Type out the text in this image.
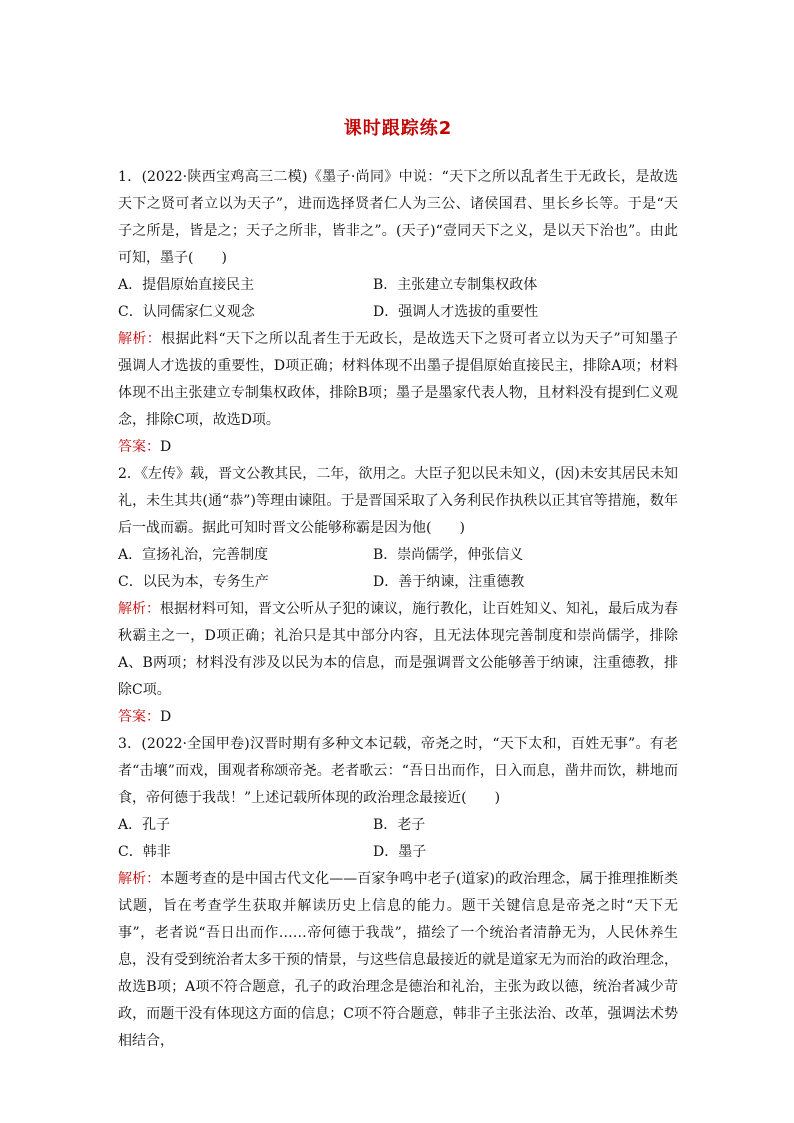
课时跟踪练2

1．(2022·陕西宝鸡高三二模)《墨子·尚同》中说：“天下之所以乱者生于无政长，是故选天下之贤可者立以为天子”，进而选择贤者仁人为三公、诸侯国君、里长乡长等。于是“天子之所是，皆是之；天子之所非，皆非之”。(天子)“壹同天下之义，是以天下治也”。由此可知，墨子(　　)

A．提倡原始直接民主	B．主张建立专制集权政体
C．认同儒家仁义观念	D．强调人才选拔的重要性

解析：根据此料“天下之所以乱者生于无政长，是故选天下之贤可者立以为天子”可知墨子强调人才选拔的重要性，D项正确；材料体现不出墨子提倡原始直接民主，排除A项；材料体现不出主张建立专制集权政体，排除B项；墨子是墨家代表人物，且材料没有提到仁义观念，排除C项，故选D项。

答案：D

2．《左传》载，晋文公教其民，二年，欲用之。大臣子犯以民未知义，(因)未安其居民未知礼，未生其共(通“恭”)等理由谏阻。于是晋国采取了入务利民作执秩以正其官等措施，数年后一战而霸。据此可知时晋文公能够称霸是因为他(　　)

A．宣扬礼治，完善制度	B．崇尚儒学，伸张信义
C．以民为本，专务生产	D．善于纳谏，注重德教

解析：根据材料可知，晋文公听从子犯的谏议，施行教化，让百姓知义、知礼，最后成为春秋霸主之一，D项正确；礼治只是其中部分内容，且无法体现完善制度和崇尚儒学，排除A、B两项；材料没有涉及以民为本的信息，而是强调晋文公能够善于纳谏，注重德教，排除C项。

答案：D

3．(2022·全国甲卷)汉晋时期有多种文本记载，帝尧之时，“天下太和，百姓无事”。有老者“击壤”而戏，围观者称颂帝尧。老者歌云：“吾日出而作，日入而息，凿井而饮，耕地而食，帝何德于我哉！”上述记载所体现的政治理念最接近(　　)

A．孔子	B．老子
C．韩非	D．墨子

解析：本题考查的是中国古代文化——百家争鸣中老子(道家)的政治理念，属于推理推断类试题，旨在考查学生获取并解读历史上信息的能力。题干关键信息是帝尧之时“天下无事”，老者说“吾日出而作……帝何德于我哉”，描绘了一个统治者清静无为，人民休养生息，没有受到统治者太多干预的情景，与这些信息最接近的就是道家无为而治的政治理念，故选B项；A项不符合题意，孔子的政治理念是德治和礼治，主张为政以德，统治者减少苛政，而题干没有体现这方面的信息；C项不符合题意，韩非子主张法治、改革，强调法术势相结合，
